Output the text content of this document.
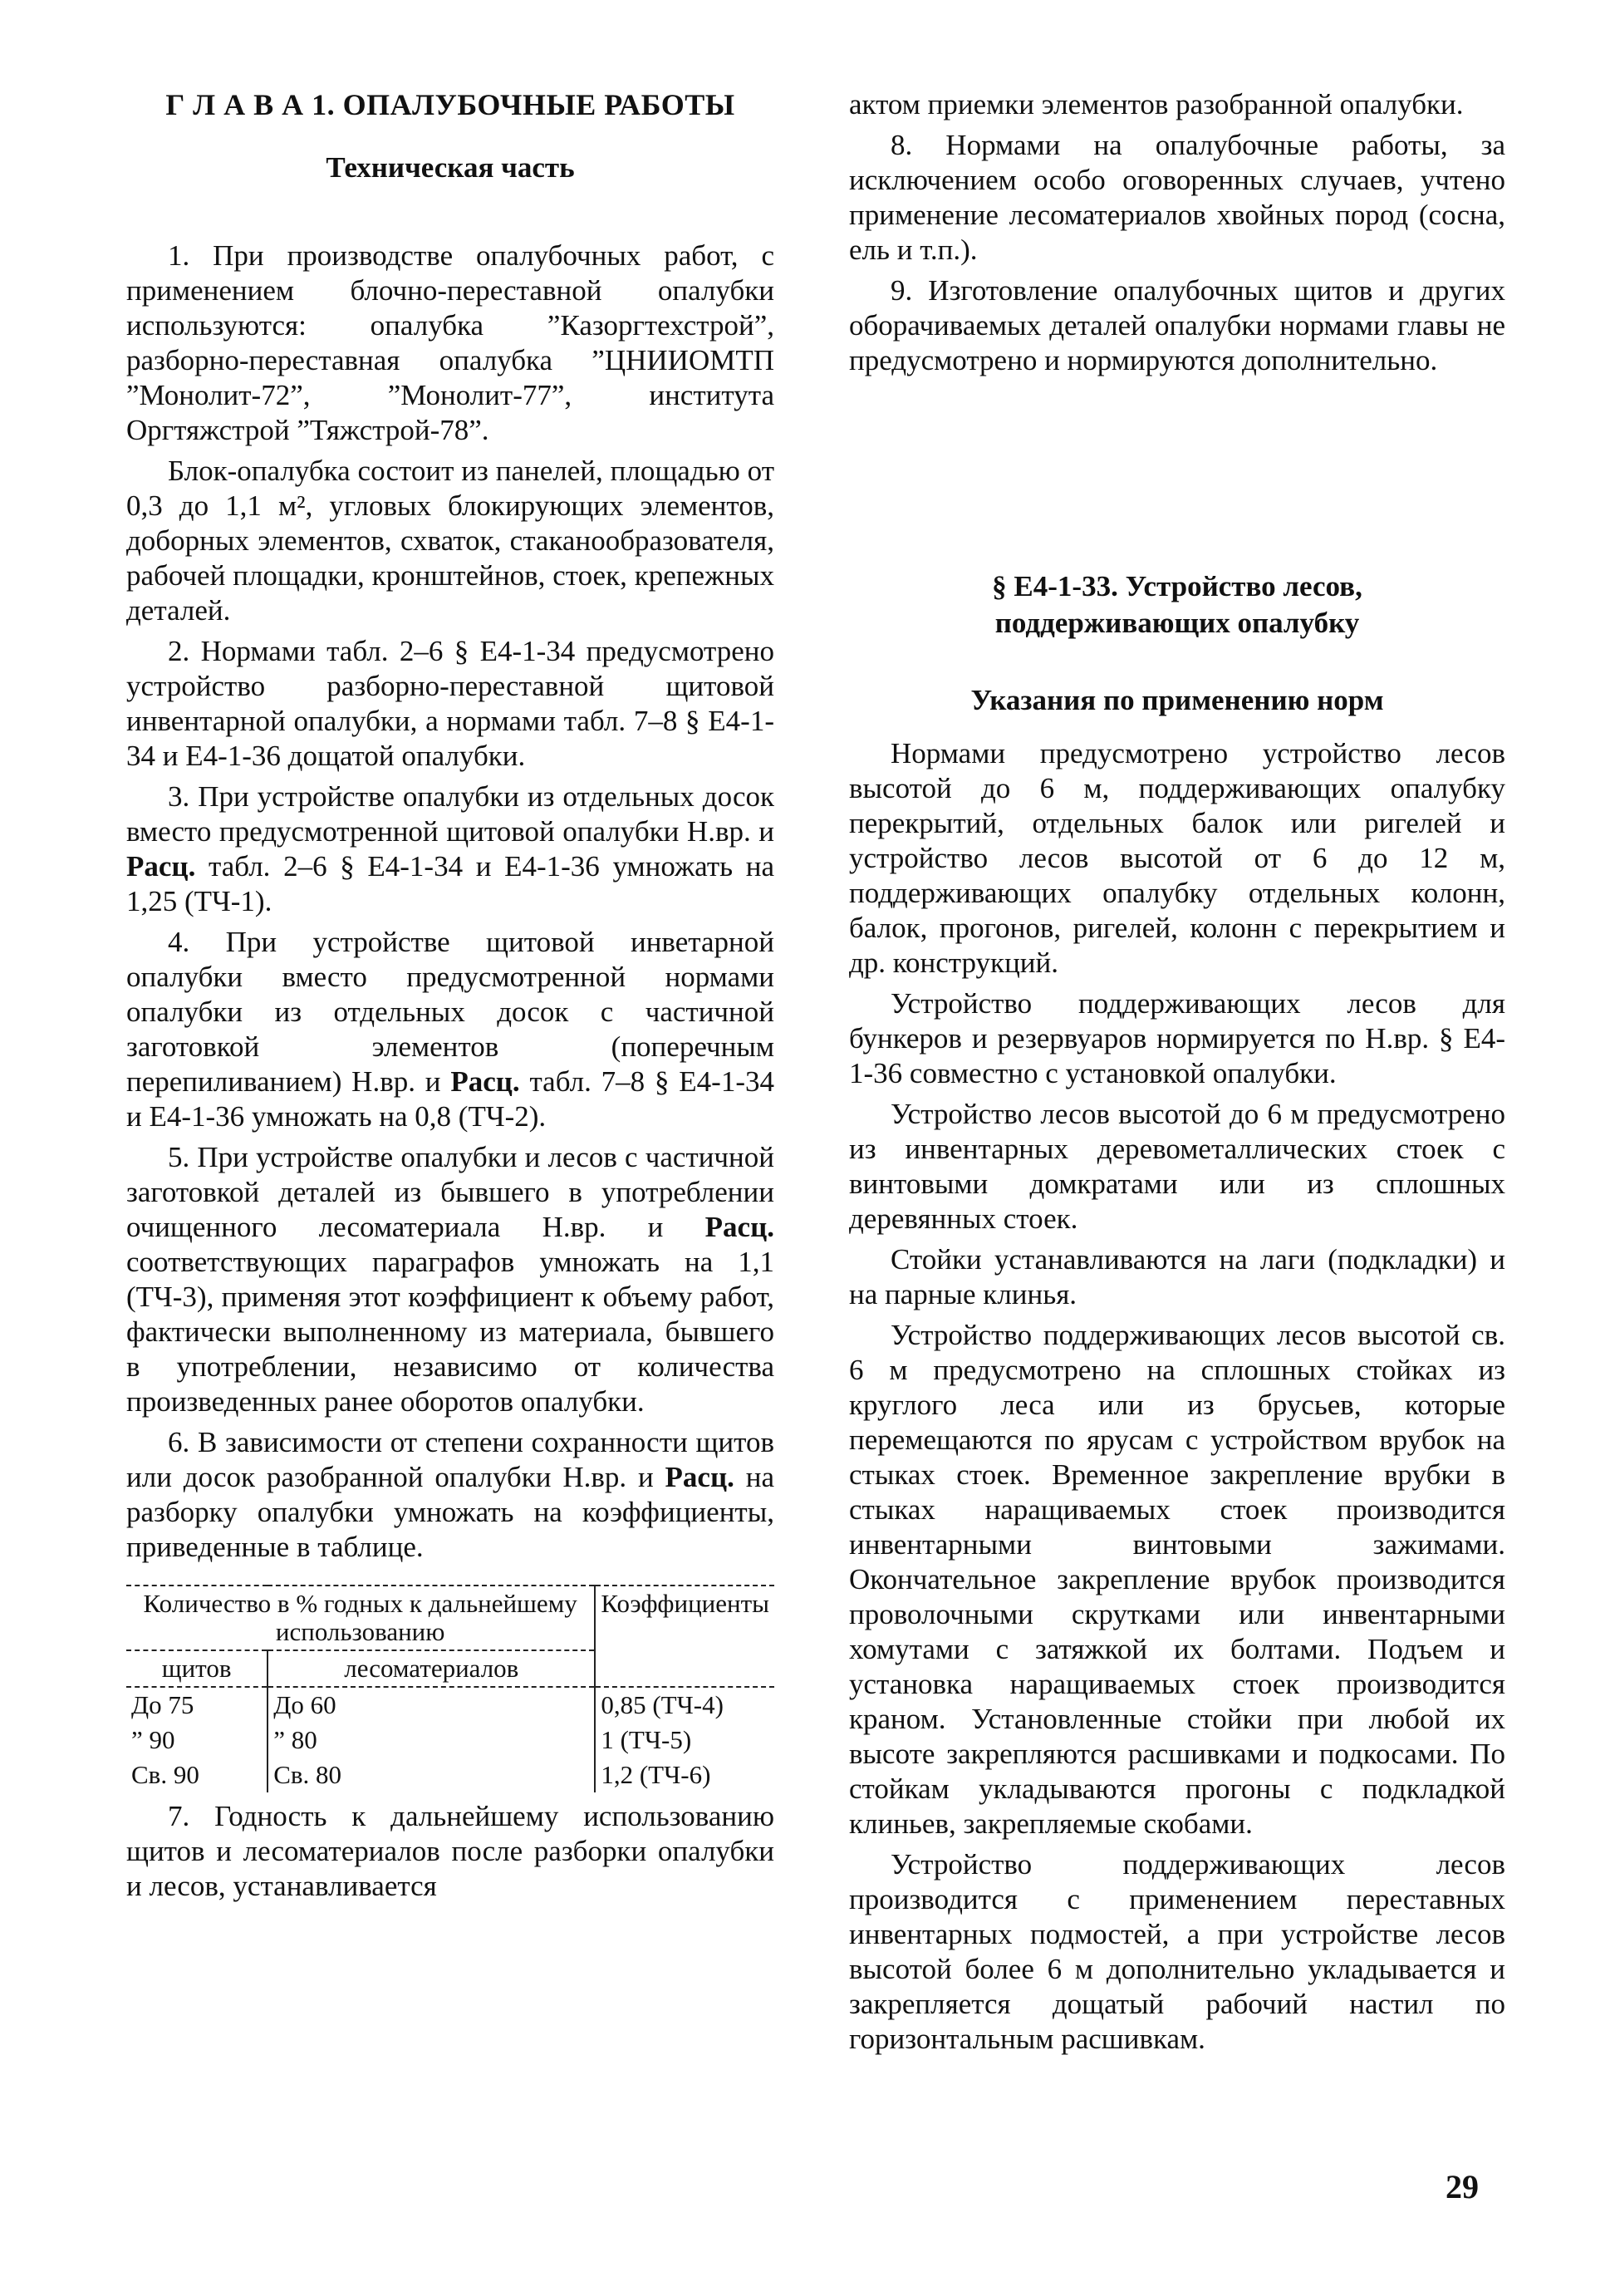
Г Л А В А 1. ОПАЛУБОЧНЫЕ РАБОТЫ
Техническая часть

1. При производстве опалубочных работ, с применением блочно-переставной опалубки используются: опалубка ”Казоргтехстрой”, разборно-переставная опалубка ”ЦНИИОМТП ”Монолит-72”, ”Монолит-77”, института Оргтяжстрой ”Тяжстрой-78”.

Блок-опалубка состоит из панелей, площадью от 0,3 до 1,1 м², угловых блокирующих элементов, доборных элементов, схваток, стаканообразователя, рабочей площадки, кронштейнов, стоек, крепежных деталей.

2. Нормами табл. 2–6 § Е4-1-34 предусмотрено устройство разборно-переставной щитовой инвентарной опалубки, а нормами табл. 7–8 § Е4-1-34 и Е4-1-36 дощатой опалубки.

3. При устройстве опалубки из отдельных досок вместо предусмотренной щитовой опалубки Н.вр. и Расц. табл. 2–6 § Е4-1-34 и Е4-1-36 умножать на 1,25 (ТЧ-1).

4. При устройстве щитовой инветарной опалубки вместо предусмотренной нормами опалубки из отдельных досок с частичной заготовкой элементов (поперечным перепиливанием) Н.вр. и Расц. табл. 7–8 § Е4-1-34 и Е4-1-36 умножать на 0,8 (ТЧ-2).

5. При устройстве опалубки и лесов с частичной заготовкой деталей из бывшего в употреблении очищенного лесоматериала Н.вр. и Расц. соответствующих параграфов умножать на 1,1 (ТЧ-3), применяя этот коэффициент к объему работ, фактически выполненному из материала, бывшего в употреблении, независимо от количества произведенных ранее оборотов опалубки.

6. В зависимости от степени сохранности щитов или досок разобранной опалубки Н.вр. и Расц. на разборку опалубки умножать на коэффициенты, приведенные в таблице.

Количество в % годных к дальнейшему использованию		Коэффициенты
щитов	лесоматериалов	
До 75	До 60	0,85 (ТЧ-4)
” 90	” 80	1 (ТЧ-5)
Св. 90	Св. 80	1,2 (ТЧ-6)

7. Годность к дальнейшему использованию щитов и лесоматериалов после разборки опалубки и лесов, устанавливается

актом приемки элементов разобранной опалубки.

8. Нормами на опалубочные работы, за исключением особо оговоренных случаев, учтено применение лесоматериалов хвойных пород (сосна, ель и т.п.).

9. Изготовление опалубочных щитов и других оборачиваемых деталей опалубки нормами главы не предусмотрено и нормируются дополнительно.

§ Е4-1-33. Устройство лесов,
поддерживающих опалубку
Указания по применению норм

Нормами предусмотрено устройство лесов высотой до 6 м, поддерживающих опалубку перекрытий, отдельных балок или ригелей и устройство лесов высотой от 6 до 12 м, поддерживающих опалубку отдельных колонн, балок, прогонов, ригелей, колонн с перекрытием и др. конструкций.

Устройство поддерживающих лесов для бункеров и резервуаров нормируется по Н.вр. § Е4-1-36 совместно с установкой опалубки.

Устройство лесов высотой до 6 м предусмотрено из инвентарных деревометаллических стоек с винтовыми домкратами или из сплошных деревянных стоек.

Стойки устанавливаются на лаги (подкладки) и на парные клинья.

Устройство поддерживающих лесов высотой св. 6 м предусмотрено на сплошных стойках из круглого леса или из брусьев, которые перемещаются по ярусам с устройством врубок на стыках стоек. Временное закрепление врубки в стыках наращиваемых стоек производится инвентарными винтовыми зажимами. Окончательное закрепление врубок производится проволочными скрутками или инвентарными хомутами с затяжкой их болтами. Подъем и установка наращиваемых стоек производится краном. Установленные стойки при любой их высоте закрепляются расшивками и подкосами. По стойкам укладываются прогоны с подкладкой клиньев, закрепляемые скобами.

Устройство поддерживающих лесов производится с применением переставных инвентарных подмостей, а при устройстве лесов высотой более 6 м дополнительно укладывается и закрепляется дощатый рабочий настил по горизонтальным расшивкам.

29
